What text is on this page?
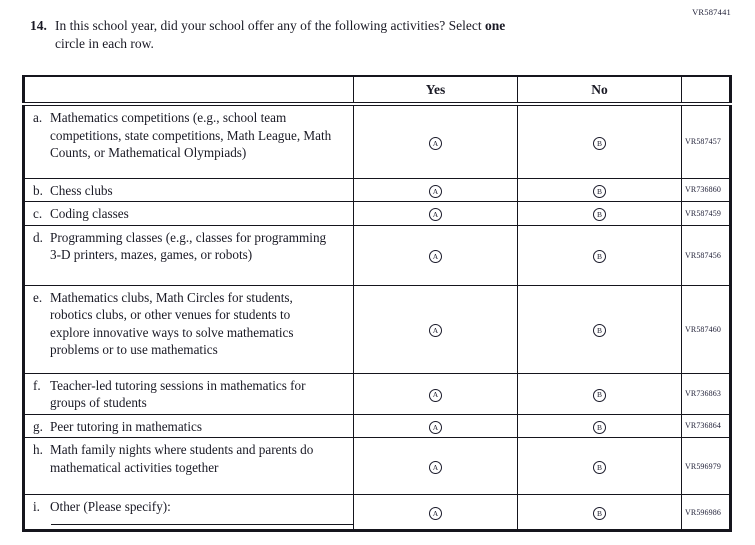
VR587441
14. In this school year, did your school offer any of the following activities? Select one
circle in each row.
	Yes	No	

a. Mathematics competitions (e.g., school team competitions, state competitions, Math League, Math Counts, or Mathematical Olympiads)	A	B	VR587457

b. Chess clubs	A	B	VR736860

c. Coding classes	A	B	VR587459

d. Programming classes (e.g., classes for programming 3-D printers, mazes, games, or robots)	A	B	VR587456

e. Mathematics clubs, Math Circles for students, robotics clubs, or other venues for students to explore innovative ways to solve mathematics problems or to use mathematics	A	B	VR587460

f. Teacher-led tutoring sessions in mathematics for groups of students	A	B	VR736863

g. Peer tutoring in mathematics	A	B	VR736864

h. Math family nights where students and parents do mathematical activities together	A	B	VR596979

i. Other (Please specify):	A	B	VR596986
